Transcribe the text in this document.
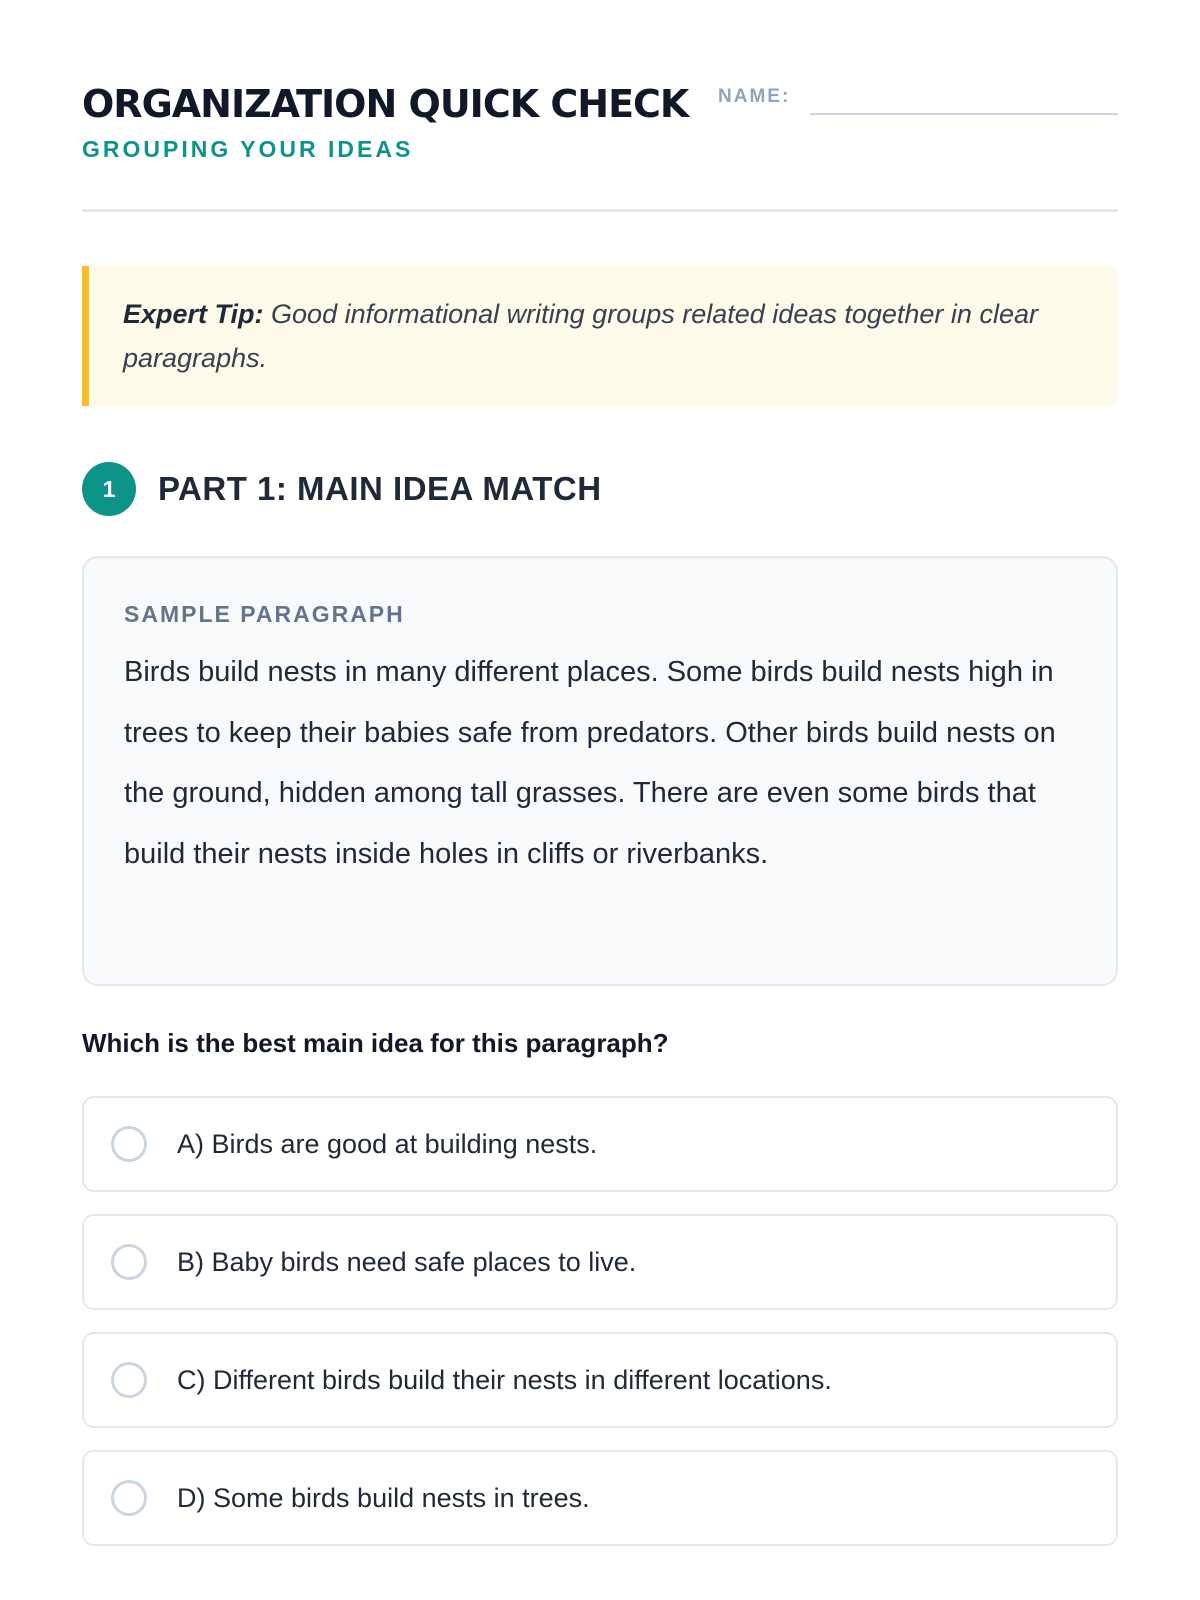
ORGANIZATION QUICK CHECK
GROUPING YOUR IDEAS
NAME:
Expert Tip: Good informational writing groups related ideas together in clear paragraphs.
1	PART 1: MAIN IDEA MATCH
SAMPLE PARAGRAPH

Birds build nests in many different places. Some birds build nests high in trees to keep their babies safe from predators. Other birds build nests on the ground, hidden among tall grasses. There are even some birds that build their nests inside holes in cliffs or riverbanks.

Which is the best main idea for this paragraph?

A) Birds are good at building nests.
B) Baby birds need safe places to live.
C) Different birds build their nests in different locations.
D) Some birds build nests in trees.
